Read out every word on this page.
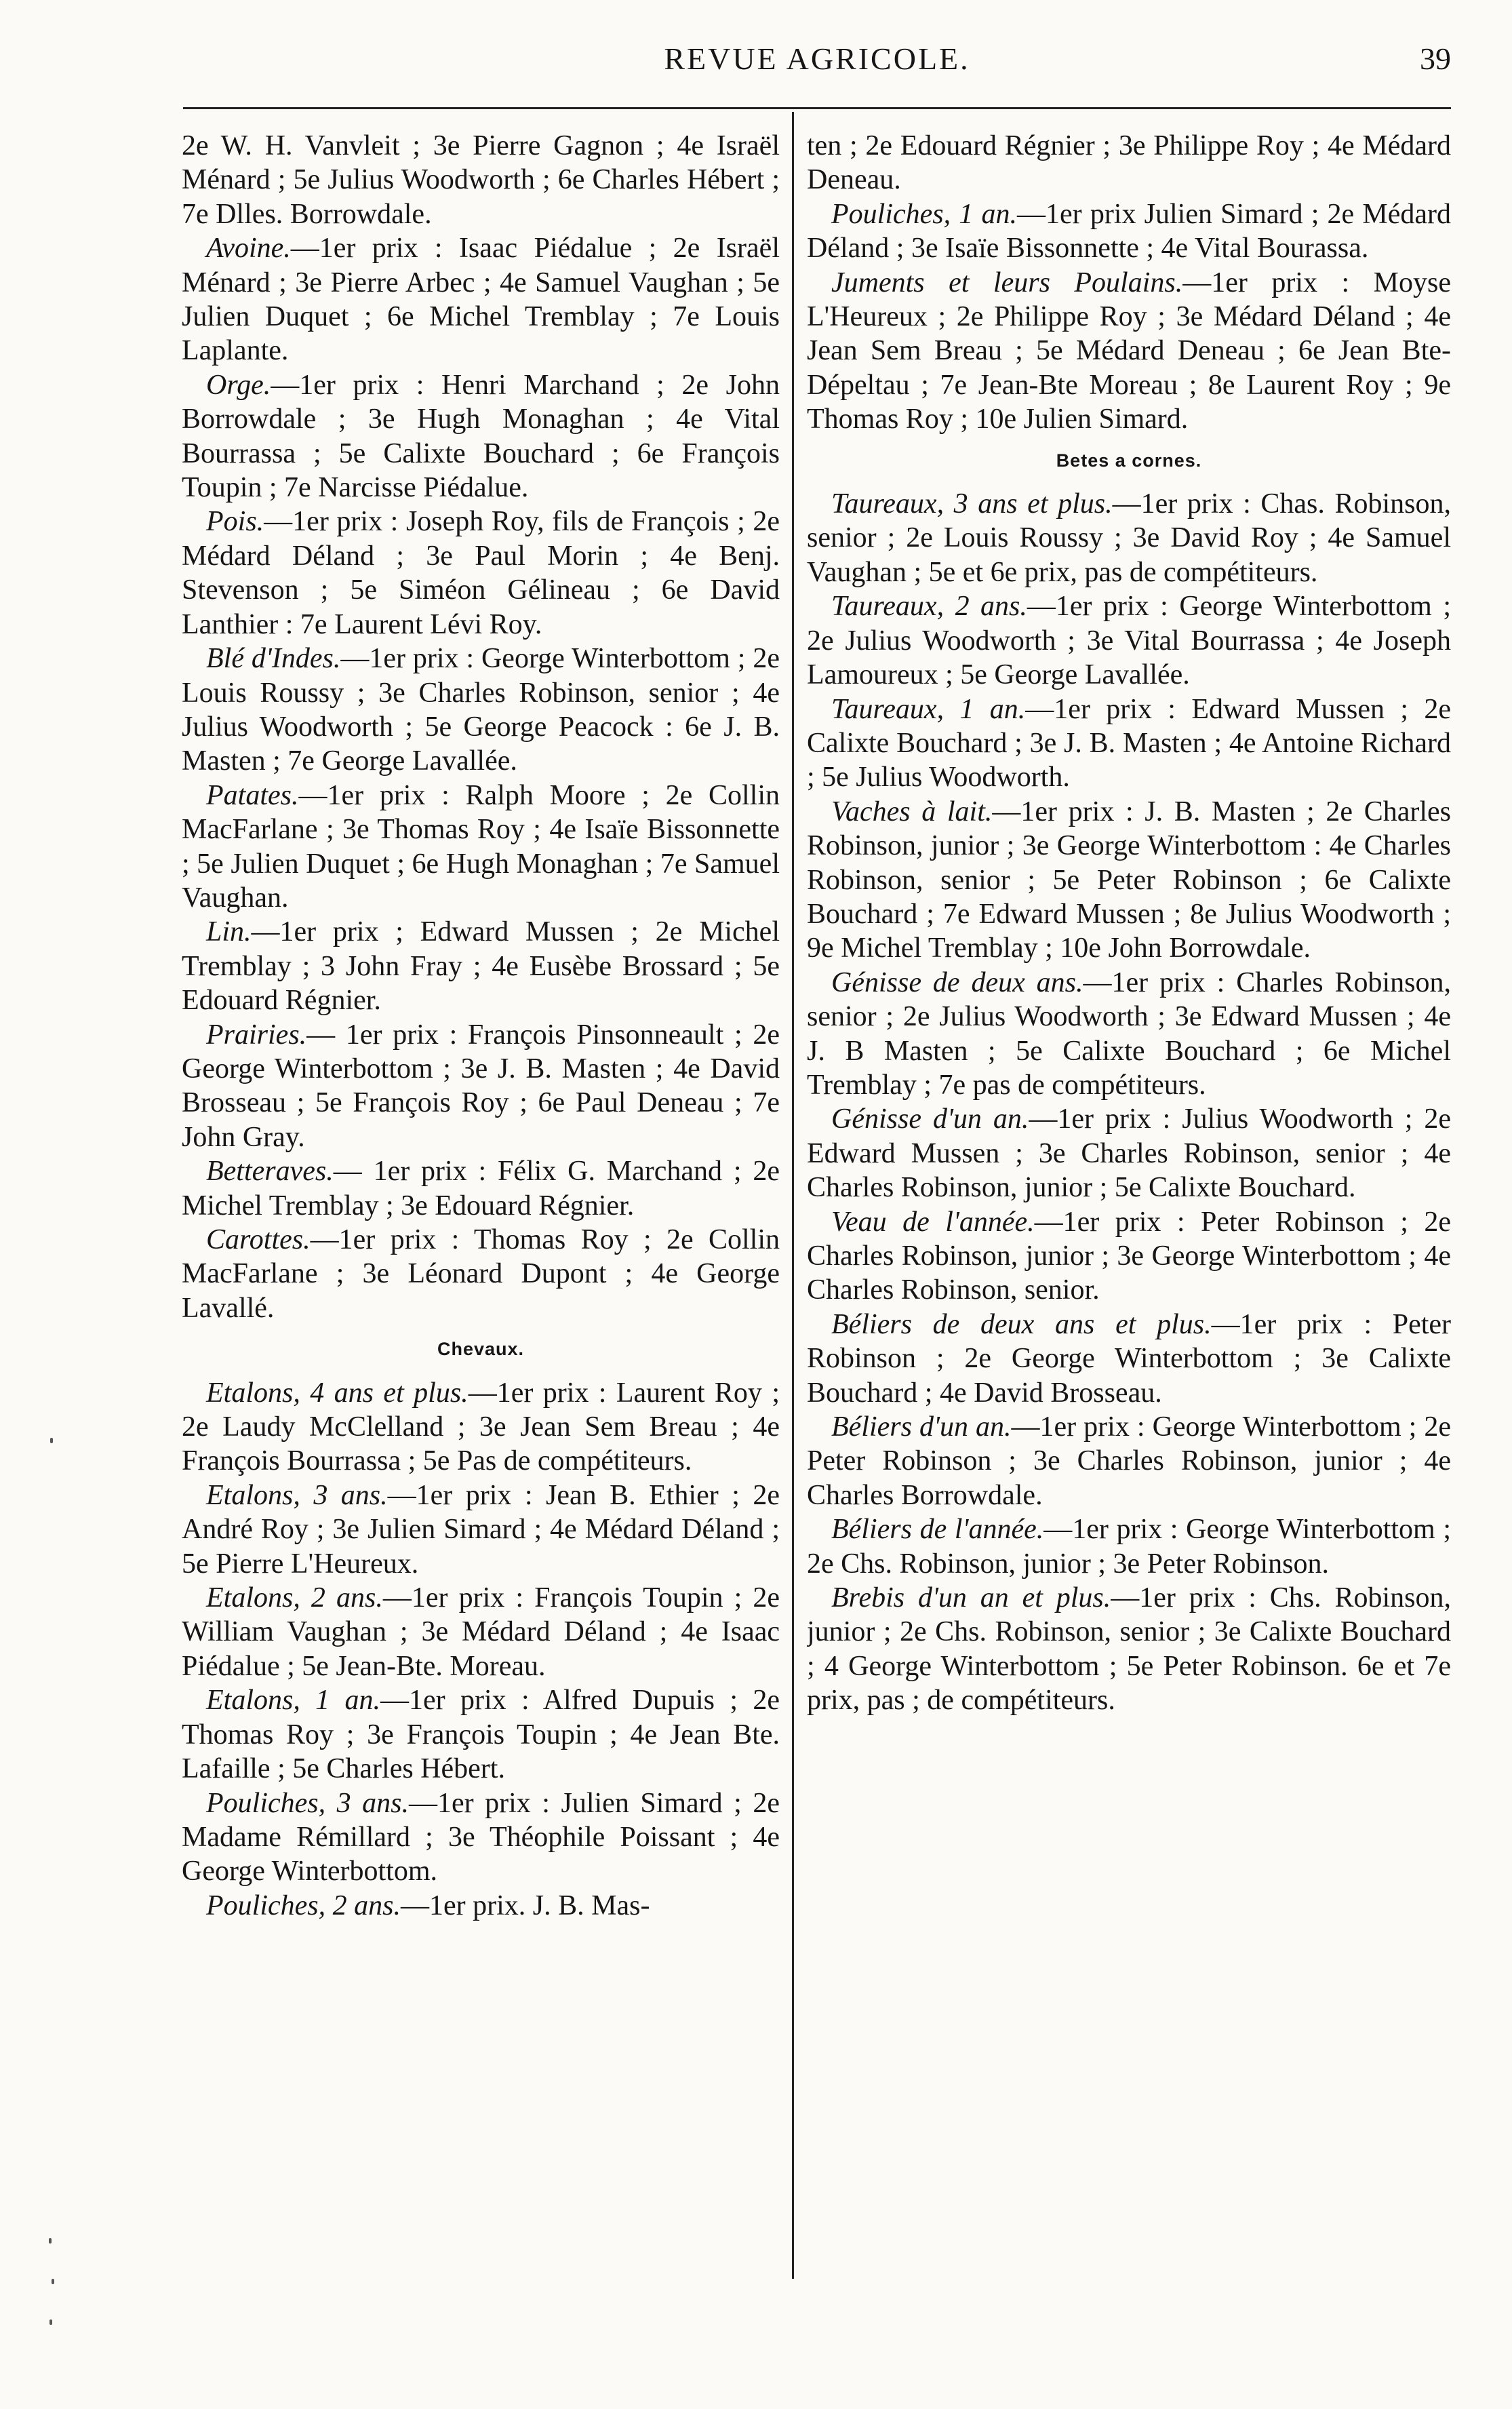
REVUE AGRICOLE.	39

2e W. H. Vanvleit ; 3e Pierre Gagnon ; 4e Israël Ménard ; 5e Julius Woodworth ; 6e Charles Hébert ; 7e Dlles. Borrowdale.

Avoine.—1er prix : Isaac Piédalue ; 2e Israël Ménard ; 3e Pierre Arbec ; 4e Samuel Vaughan ; 5e Julien Duquet ; 6e Michel Tremblay ; 7e Louis Laplante.

Orge.—1er prix : Henri Marchand ; 2e John Borrowdale ; 3e Hugh Monaghan ; 4e Vital Bourrassa ; 5e Calixte Bouchard ; 6e François Toupin ; 7e Narcisse Piédalue.

Pois.—1er prix : Joseph Roy, fils de François ; 2e Médard Déland ; 3e Paul Morin ; 4e Benj. Stevenson ; 5e Siméon Gélineau ; 6e David Lanthier : 7e Laurent Lévi Roy.

Blé d'Indes.—1er prix : George Winterbottom ; 2e Louis Roussy ; 3e Charles Robinson, senior ; 4e Julius Woodworth ; 5e George Peacock : 6e J. B. Masten ; 7e George Lavallée.

Patates.—1er prix : Ralph Moore ; 2e Collin MacFarlane ; 3e Thomas Roy ; 4e Isaïe Bissonnette ; 5e Julien Duquet ; 6e Hugh Monaghan ; 7e Samuel Vaughan.

Lin.—1er prix ; Edward Mussen ; 2e Michel Tremblay ; 3 John Fray ; 4e Eusèbe Brossard ; 5e Edouard Régnier.

Prairies.— 1er prix : François Pinsonneault ; 2e George Winterbottom ; 3e J. B. Masten ; 4e David Brosseau ; 5e François Roy ; 6e Paul Deneau ; 7e John Gray.

Betteraves.— 1er prix : Félix G. Marchand ; 2e Michel Tremblay ; 3e Edouard Régnier.

Carottes.—1er prix : Thomas Roy ; 2e Collin MacFarlane ; 3e Léonard Dupont ; 4e George Lavallé.

Chevaux.

Etalons, 4 ans et plus.—1er prix : Laurent Roy ; 2e Laudy McClelland ; 3e Jean Sem Breau ; 4e François Bourrassa ; 5e Pas de compétiteurs.

Etalons, 3 ans.—1er prix : Jean B. Ethier ; 2e André Roy ; 3e Julien Simard ; 4e Médard Déland ; 5e Pierre L'Heureux.

Etalons, 2 ans.—1er prix : François Toupin ; 2e William Vaughan ; 3e Médard Déland ; 4e Isaac Piédalue ; 5e Jean-Bte. Moreau.

Etalons, 1 an.—1er prix : Alfred Dupuis ; 2e Thomas Roy ; 3e François Toupin ; 4e Jean Bte. Lafaille ; 5e Charles Hébert.

Pouliches, 3 ans.—1er prix : Julien Simard ; 2e Madame Rémillard ; 3e Théophile Poissant ; 4e George Winterbottom.

Pouliches, 2 ans.—1er prix. J. B. Mas-

ten ; 2e Edouard Régnier ; 3e Philippe Roy ; 4e Médard Deneau.

Pouliches, 1 an.—1er prix Julien Simard ; 2e Médard Déland ; 3e Isaïe Bissonnette ; 4e Vital Bourassa.

Juments et leurs Poulains.—1er prix : Moyse L'Heureux ; 2e Philippe Roy ; 3e Médard Déland ; 4e Jean Sem Breau ; 5e Médard Deneau ; 6e Jean Bte-Dépeltau ; 7e Jean-Bte Moreau ; 8e Laurent Roy ; 9e Thomas Roy ; 10e Julien Simard.

Betes a cornes.

Taureaux, 3 ans et plus.—1er prix : Chas. Robinson, senior ; 2e Louis Roussy ; 3e David Roy ; 4e Samuel Vaughan ; 5e et 6e prix, pas de compétiteurs.

Taureaux, 2 ans.—1er prix : George Winterbottom ; 2e Julius Woodworth ; 3e Vital Bourrassa ; 4e Joseph Lamoureux ; 5e George Lavallée.

Taureaux, 1 an.—1er prix : Edward Mussen ; 2e Calixte Bouchard ; 3e J. B. Masten ; 4e Antoine Richard ; 5e Julius Woodworth.

Vaches à lait.—1er prix : J. B. Masten ; 2e Charles Robinson, junior ; 3e George Winterbottom : 4e Charles Robinson, senior ; 5e Peter Robinson ; 6e Calixte Bouchard ; 7e Edward Mussen ; 8e Julius Woodworth ; 9e Michel Tremblay ; 10e John Borrowdale.

Génisse de deux ans.—1er prix : Charles Robinson, senior ; 2e Julius Woodworth ; 3e Edward Mussen ; 4e J. B Masten ; 5e Calixte Bouchard ; 6e Michel Tremblay ; 7e pas de compétiteurs.

Génisse d'un an.—1er prix : Julius Woodworth ; 2e Edward Mussen ; 3e Charles Robinson, senior ; 4e Charles Robinson, junior ; 5e Calixte Bouchard.

Veau de l'année.—1er prix : Peter Robinson ; 2e Charles Robinson, junior ; 3e George Winterbottom ; 4e Charles Robinson, senior.

Béliers de deux ans et plus.—1er prix : Peter Robinson ; 2e George Winterbottom ; 3e Calixte Bouchard ; 4e David Brosseau.

Béliers d'un an.—1er prix : George Winterbottom ; 2e Peter Robinson ; 3e Charles Robinson, junior ; 4e Charles Borrowdale.

Béliers de l'année.—1er prix : George Winterbottom ; 2e Chs. Robinson, junior ; 3e Peter Robinson.

Brebis d'un an et plus.—1er prix : Chs. Robinson, junior ; 2e Chs. Robinson, senior ; 3e Calixte Bouchard ; 4 George Winterbottom ; 5e Peter Robinson. 6e et 7e prix, pas ; de compétiteurs.
